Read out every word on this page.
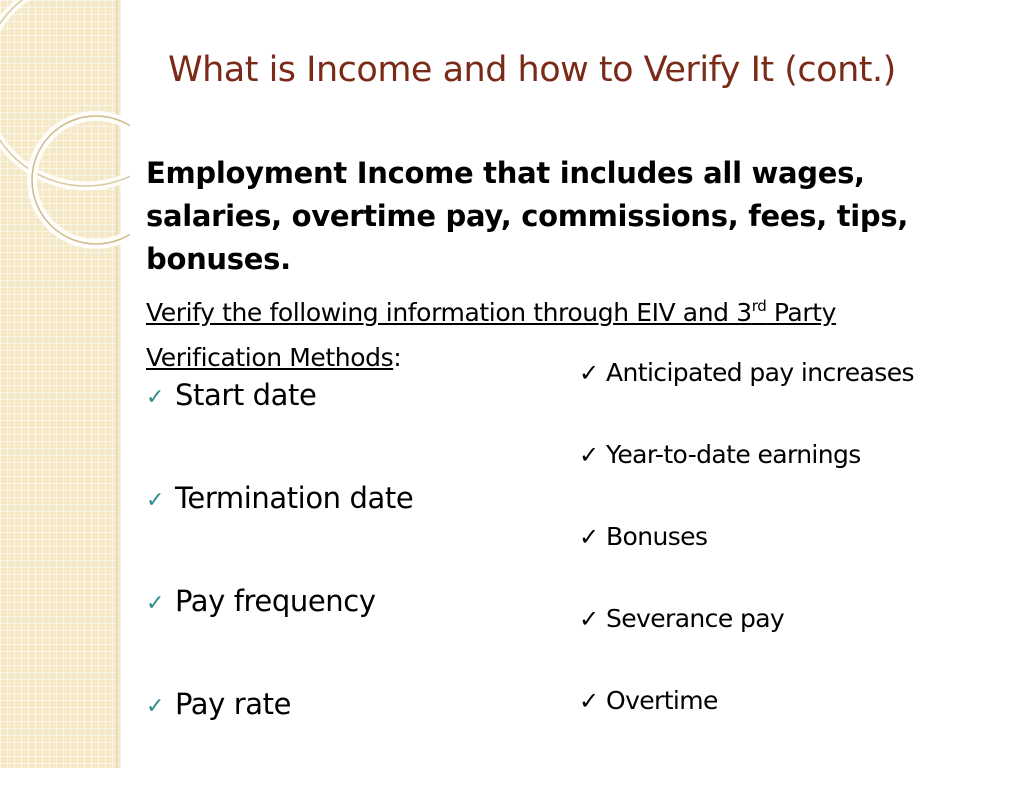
What is Income and how to Verify It (cont.)

Employment Income that includes all wages, salaries, overtime pay, commissions, fees, tips, bonuses.

Verify the following information through EIV and 3rd Party Verification Methods:

✓ Start date
✓ Termination date
✓ Pay frequency
✓ Pay rate
✓ Anticipated pay increases
✓ Year-to-date earnings
✓ Bonuses
✓ Severance pay
✓ Overtime
